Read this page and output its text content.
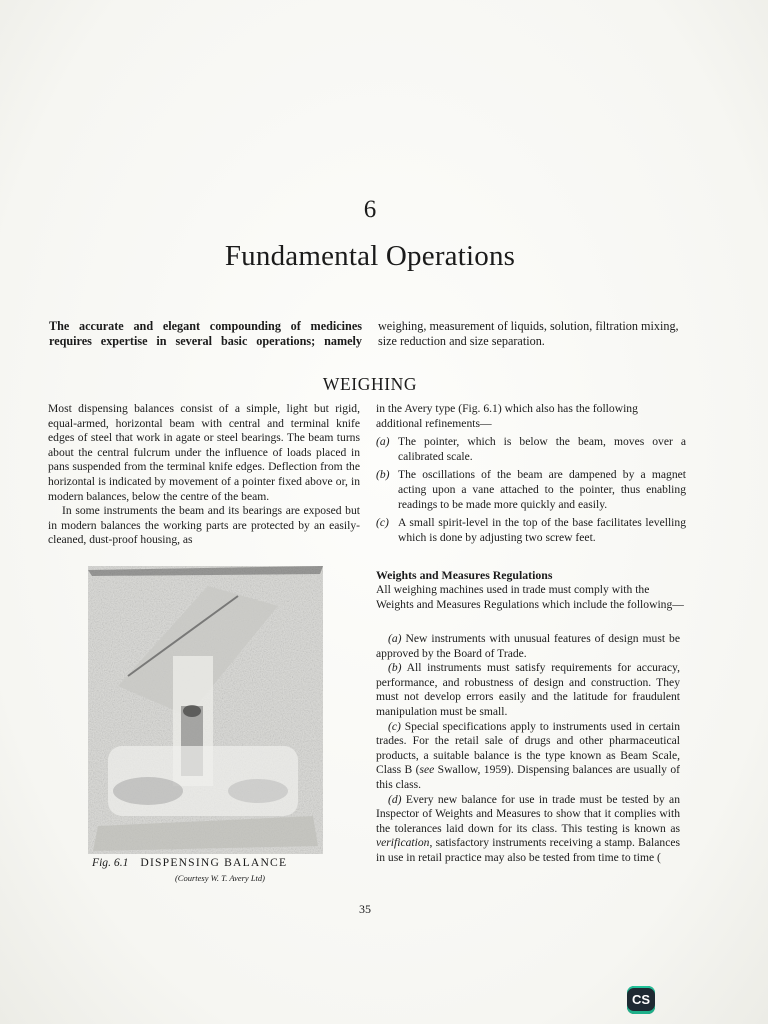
6
Fundamental Operations
The accurate and elegant compounding of medicines requires expertise in several basic operations; namely
weighing, measurement of liquids, solution, filtration mixing, size reduction and size separation.
WEIGHING

Most dispensing balances consist of a simple, light but rigid, equal-armed, horizontal beam with central and terminal knife edges of steel that work in agate or steel bearings. The beam turns about the central fulcrum under the influence of loads placed in pans suspended from the terminal knife edges. Deflection from the horizontal is indicated by movement of a pointer fixed above or, in modern balances, below the centre of the beam.

In some instruments the beam and its bearings are exposed but in modern balances the working parts are protected by an easily-cleaned, dust-proof housing, as

in the Avery type (Fig. 6.1) which also has the following additional refinements—

(a) The pointer, which is below the beam, moves over a calibrated scale.
(b) The oscillations of the beam are dampened by a magnet acting upon a vane attached to the pointer, thus enabling readings to be made more quickly and easily.
(c) A small spirit-level in the top of the base facilitates levelling which is done by adjusting two screw feet.
Weights and Measures Regulations
All weighing machines used in trade must comply with the Weights and Measures Regulations which include the following—

(a) New instruments with unusual features of design must be approved by the Board of Trade.

(b) All instruments must satisfy requirements for accuracy, performance, and robustness of design and construction. They must not develop errors easily and the latitude for fraudulent manipulation must be small.

(c) Special specifications apply to instruments used in certain trades. For the retail sale of drugs and other pharmaceutical products, a suitable balance is the type known as Beam Scale, Class B (see Swallow, 1959). Dispensing balances are usually of this class.

(d) Every new balance for use in trade must be tested by an Inspector of Weights and Measures to show that it complies with the tolerances laid down for its class. This testing is known as verification, satisfactory instruments receiving a stamp. Balances in use in retail practice may also be tested from time to time (

Fig. 6.1 DISPENSING BALANCE
(Courtesy W. T. Avery Ltd)
35
CS
